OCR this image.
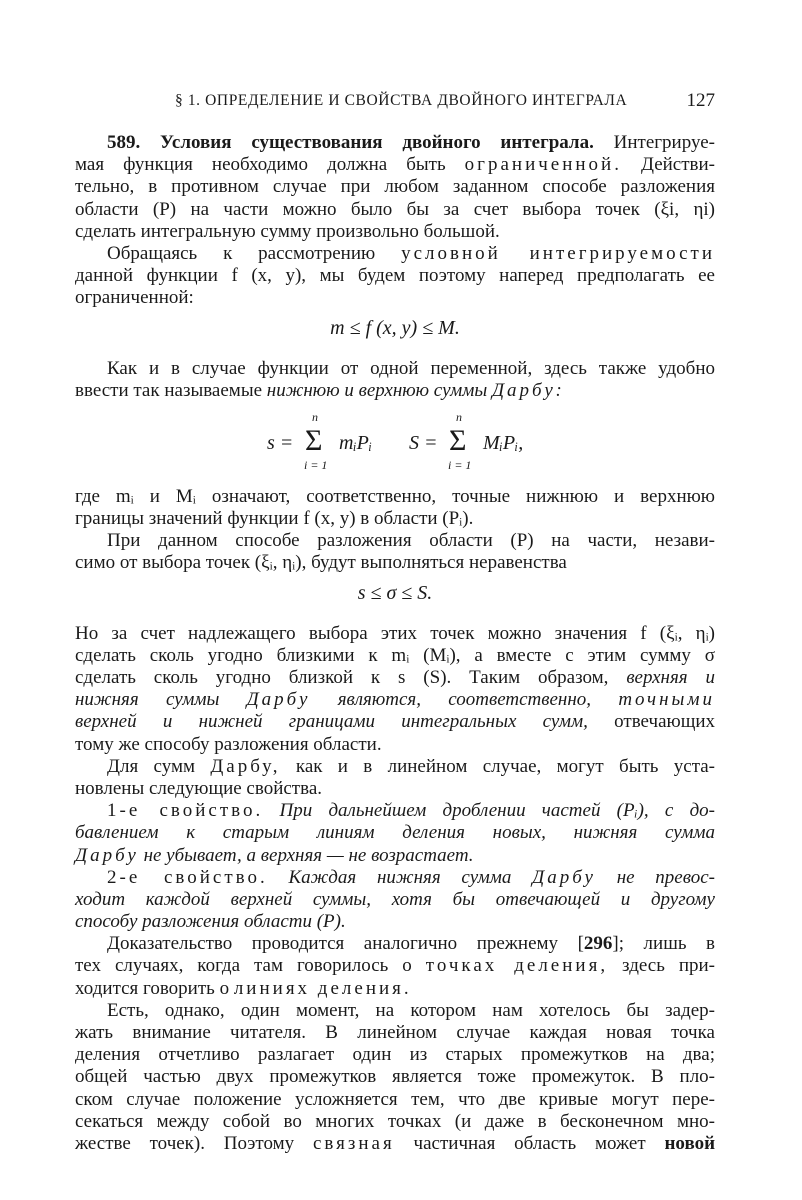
§ 1. ОПРЕДЕЛЕНИЕ И СВОЙСТВА ДВОЙНОГО ИНТЕГРАЛА	127
589. Условия существования двойного интеграла. Интегрируе-
мая функция необходимо должна быть ограниченной. Действи-
тельно, в противном случае при любом заданном способе разложения
области (P) на части можно было бы за счет выбора точек (ξi, ηi)
сделать интегральную сумму произвольно большой.
Обращаясь к рассмотрению условной интегрируемости
данной функции f (x, y), мы будем поэтому наперед предполагать ее
ограниченной:
m ≤ f (x, y) ≤ M.
Как и в случае функции от одной переменной, здесь также удобно
ввести так называемые нижнюю и верхнюю суммы Дарбу:
s = Σ
n
i = 1
mᵢPᵢ S = Σ
n
i = 1
MᵢPᵢ,
где mᵢ и Mᵢ означают, соответственно, точные нижнюю и верхнюю
границы значений функции f (x, y) в области (Pᵢ).
При данном способе разложения области (P) на части, незави-
симо от выбора точек (ξᵢ, ηᵢ), будут выполняться неравенства
s ≤ σ ≤ S.
Но за счет надлежащего выбора этих точек можно значения f (ξᵢ, ηᵢ)
сделать сколь угодно близкими к mᵢ (Mᵢ), а вместе с этим сумму σ
сделать сколь угодно близкой к s (S). Таким образом, верхняя и
нижняя суммы Дарбу являются, соответственно, точными
верхней и нижней границами интегральных сумм, отвечающих
тому же способу разложения области.
Для сумм Дарбу, как и в линейном случае, могут быть уста-
новлены следующие свойства.
1-е свойство. При дальнейшем дроблении частей (Pᵢ), с до-
бавлением к старым линиям деления новых, нижняя сумма
Дарбу не убывает, а верхняя — не возрастает.
2-е свойство. Каждая нижняя сумма Дарбу не превос-
ходит каждой верхней суммы, хотя бы отвечающей и другому
способу разложения области (P).
Доказательство проводится аналогично прежнему [296]; лишь в
тех случаях, когда там говорилось о точках деления, здесь при-
ходится говорить о линиях деления.
Есть, однако, один момент, на котором нам хотелось бы задер-
жать внимание читателя. В линейном случае каждая новая точка
деления отчетливо разлагает один из старых промежутков на два;
общей частью двух промежутков является тоже промежуток. В пло-
ском случае положение усложняется тем, что две кривые могут пере-
секаться между собой во многих точках (и даже в бесконечном мно-
жестве точек). Поэтому связная частичная область может новой
